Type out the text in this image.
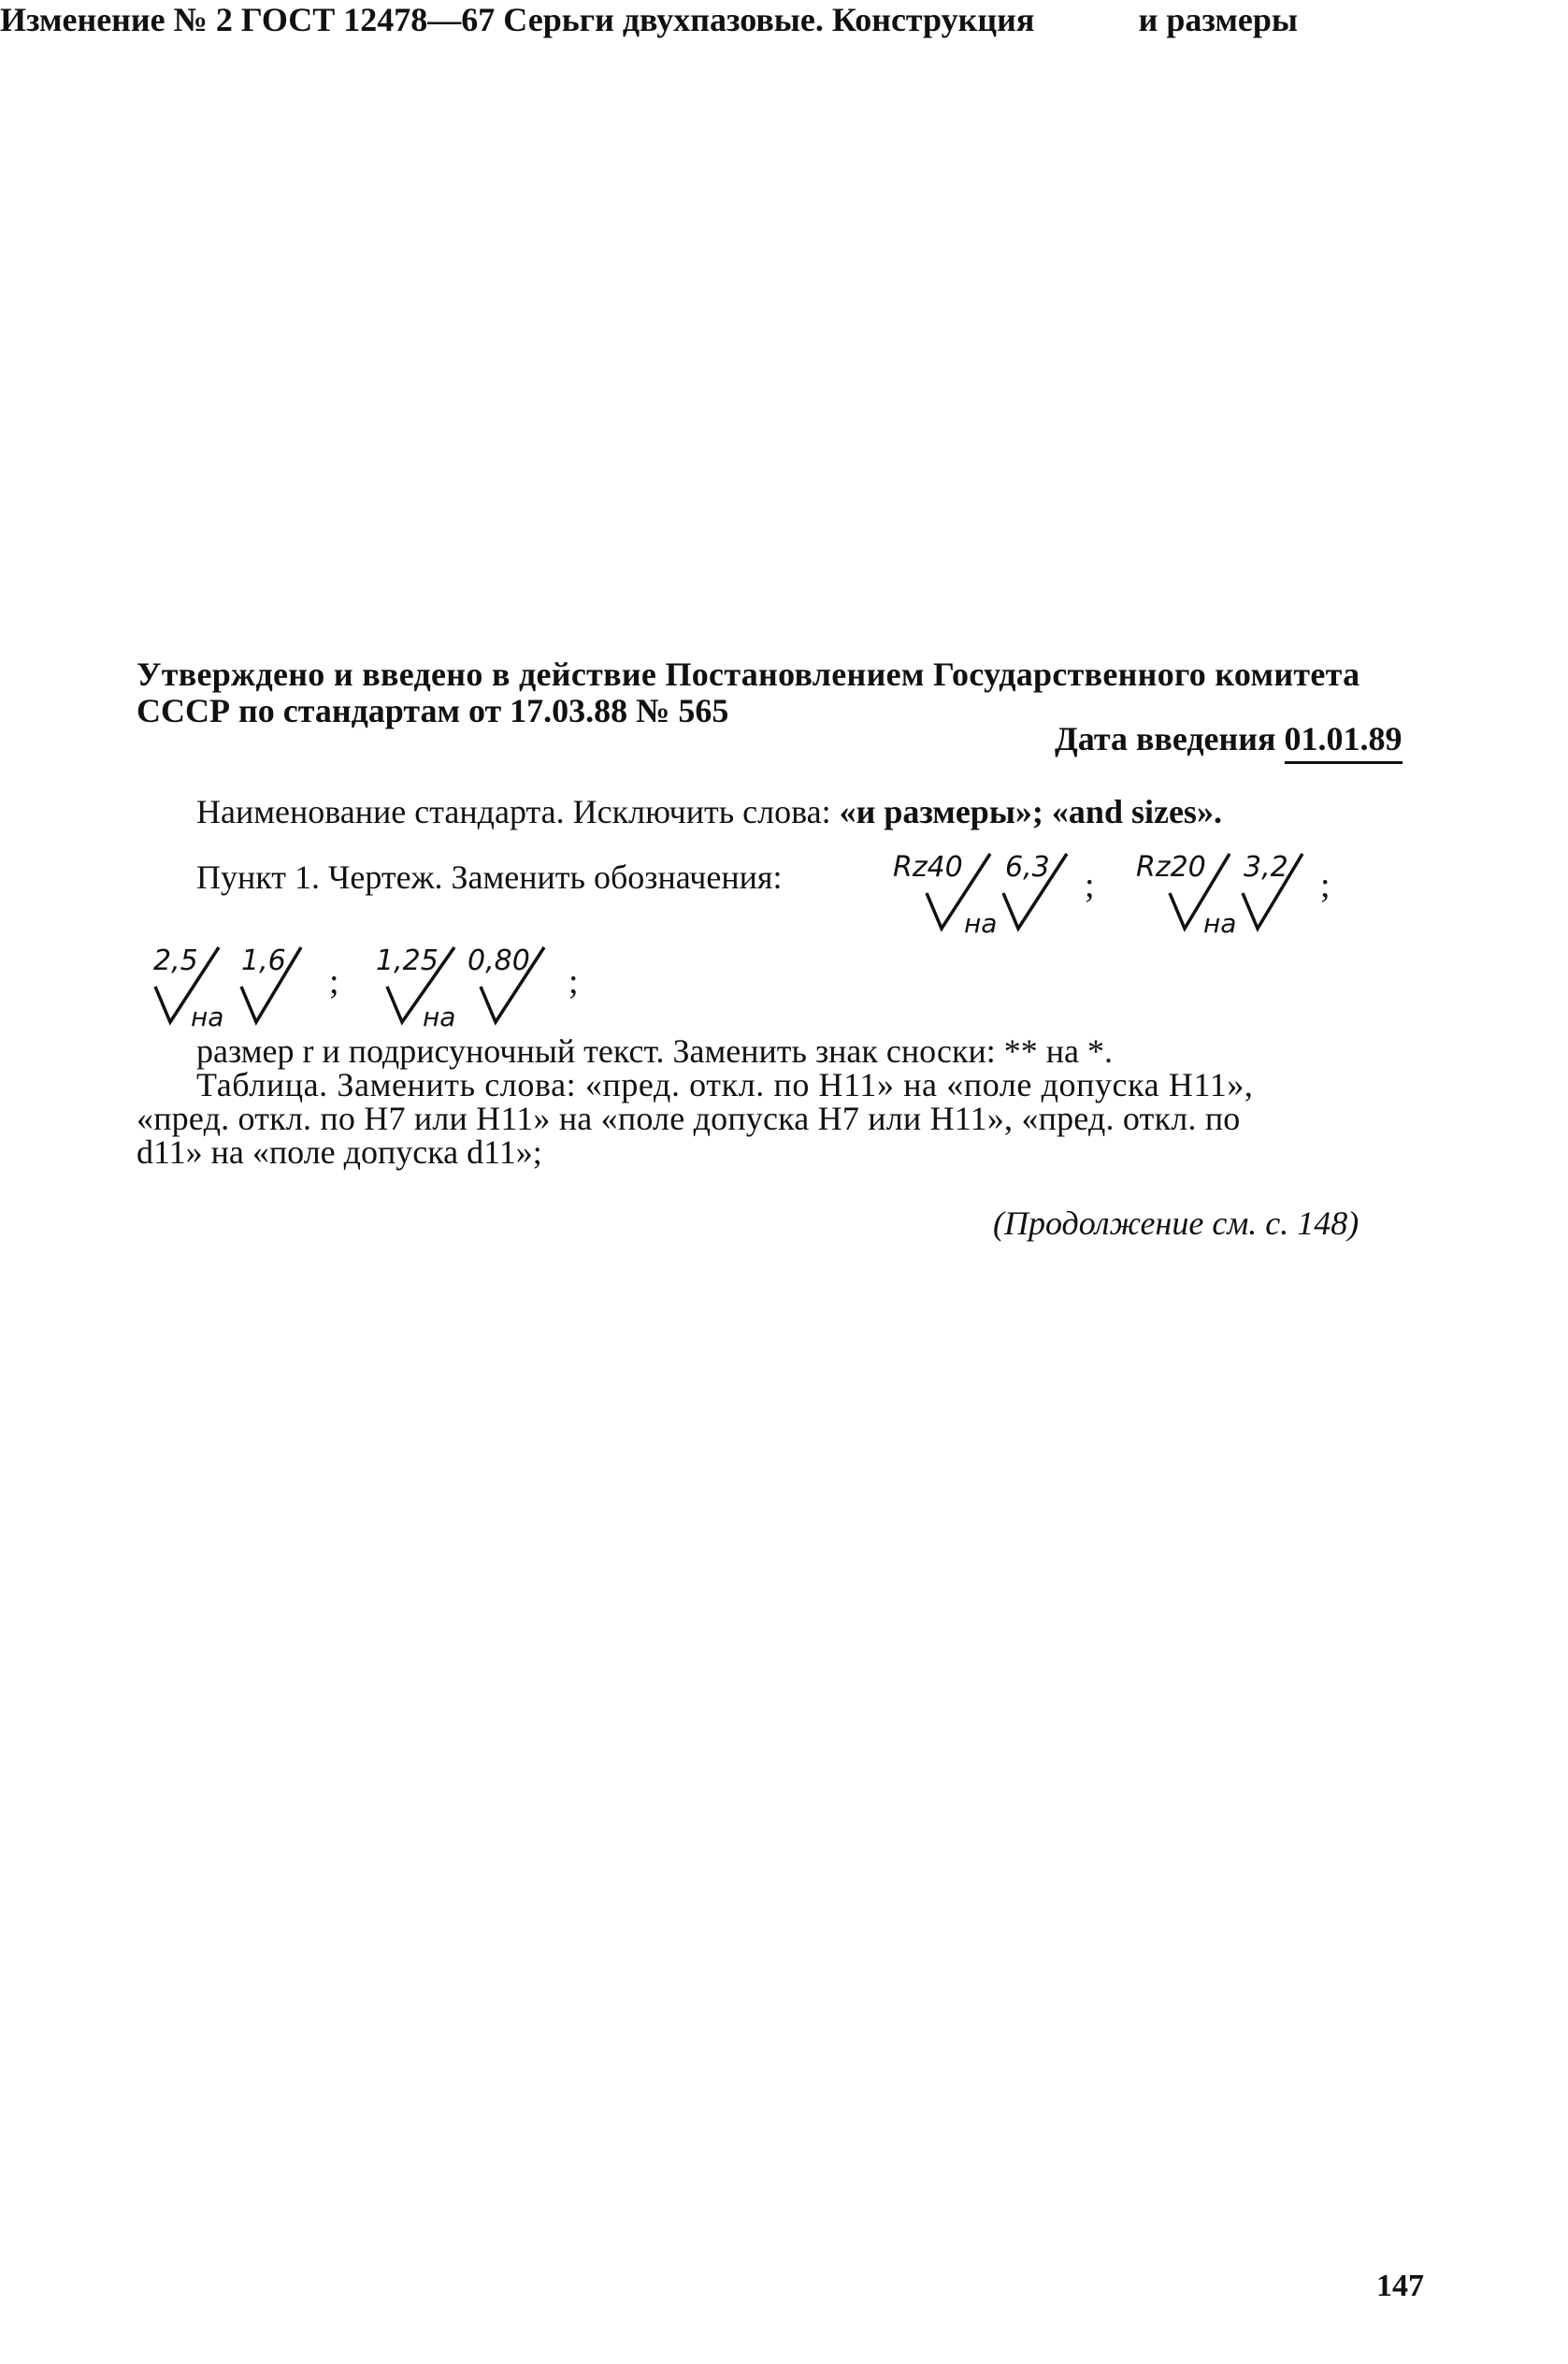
Изменение № 2 ГОСТ 12478—67 Серьги двухпазовые. Конструкция	и размеры
Утверждено и введено в действие Постановлением Государственного комитета
СССР по стандартам от 17.03.88 № 565
Дата введения 01.01.89
Наименование стандарта. Исключить слова: «и размеры»; «and sizes».
Пункт 1. Чертеж. Заменить обозначения:	Rz40 6,3
на
; Rz20 3,2
на
;
2,5 1,6
на
;
1,25 0,80
на
;
размер r и подрисуночный текст. Заменить знак сноски: ** на *.
Таблица. Заменить слова: «пред. откл. по H11» на «поле допуска H11»,
«пред. откл. по H7 или H11» на «поле допуска H7 или H11», «пред. откл. по
d11» на «поле допуска d11»;
(Продолжение см. с. 148)
147
